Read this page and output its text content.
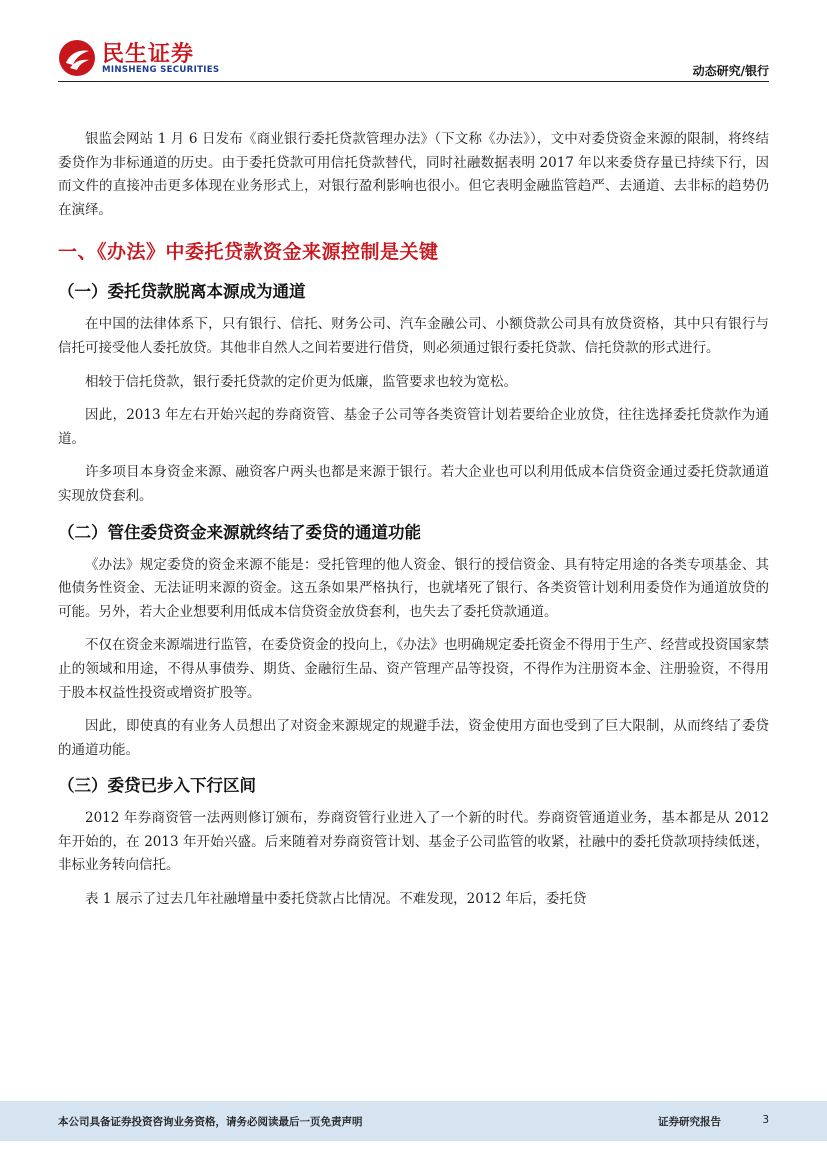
民生证券
MINSHENG SECURITIES	动态研究/银行

银监会网站 1 月 6 日发布《商业银行委托贷款管理办法》（下文称《办法》），文中对委贷资金来源的限制，将终结委贷作为非标通道的历史。由于委托贷款可用信托贷款替代，同时社融数据表明 2017 年以来委贷存量已持续下行，因而文件的直接冲击更多体现在业务形式上，对银行盈利影响也很小。但它表明金融监管趋严、去通道、去非标的趋势仍在演绎。

一、《办法》中委托贷款资金来源控制是关键
（一）委托贷款脱离本源成为通道

在中国的法律体系下，只有银行、信托、财务公司、汽车金融公司、小额贷款公司具有放贷资格，其中只有银行与信托可接受他人委托放贷。其他非自然人之间若要进行借贷，则必须通过银行委托贷款、信托贷款的形式进行。

相较于信托贷款，银行委托贷款的定价更为低廉，监管要求也较为宽松。

因此，2013 年左右开始兴起的券商资管、基金子公司等各类资管计划若要给企业放贷，往往选择委托贷款作为通道。

许多项目本身资金来源、融资客户两头也都是来源于银行。若大企业也可以利用低成本信贷资金通过委托贷款通道实现放贷套利。

（二）管住委贷资金来源就终结了委贷的通道功能

《办法》规定委贷的资金来源不能是：受托管理的他人资金、银行的授信资金、具有特定用途的各类专项基金、其他债务性资金、无法证明来源的资金。这五条如果严格执行，也就堵死了银行、各类资管计划利用委贷作为通道放贷的可能。另外，若大企业想要利用低成本信贷资金放贷套利，也失去了委托贷款通道。

不仅在资金来源端进行监管，在委贷资金的投向上，《办法》也明确规定委托资金不得用于生产、经营或投资国家禁止的领域和用途，不得从事债券、期货、金融衍生品、资产管理产品等投资，不得作为注册资本金、注册验资，不得用于股本权益性投资或增资扩股等。

因此，即使真的有业务人员想出了对资金来源规定的规避手法，资金使用方面也受到了巨大限制，从而终结了委贷的通道功能。

（三）委贷已步入下行区间

2012 年券商资管一法两则修订颁布，券商资管行业进入了一个新的时代。券商资管通道业务，基本都是从 2012 年开始的，在 2013 年开始兴盛。后来随着对券商资管计划、基金子公司监管的收紧，社融中的委托贷款项持续低迷，非标业务转向信托。

表 1 展示了过去几年社融增量中委托贷款占比情况。不难发现，2012 年后，委托贷

本公司具备证券投资咨询业务资格，请务必阅读最后一页免责声明	证券研究报告	3
